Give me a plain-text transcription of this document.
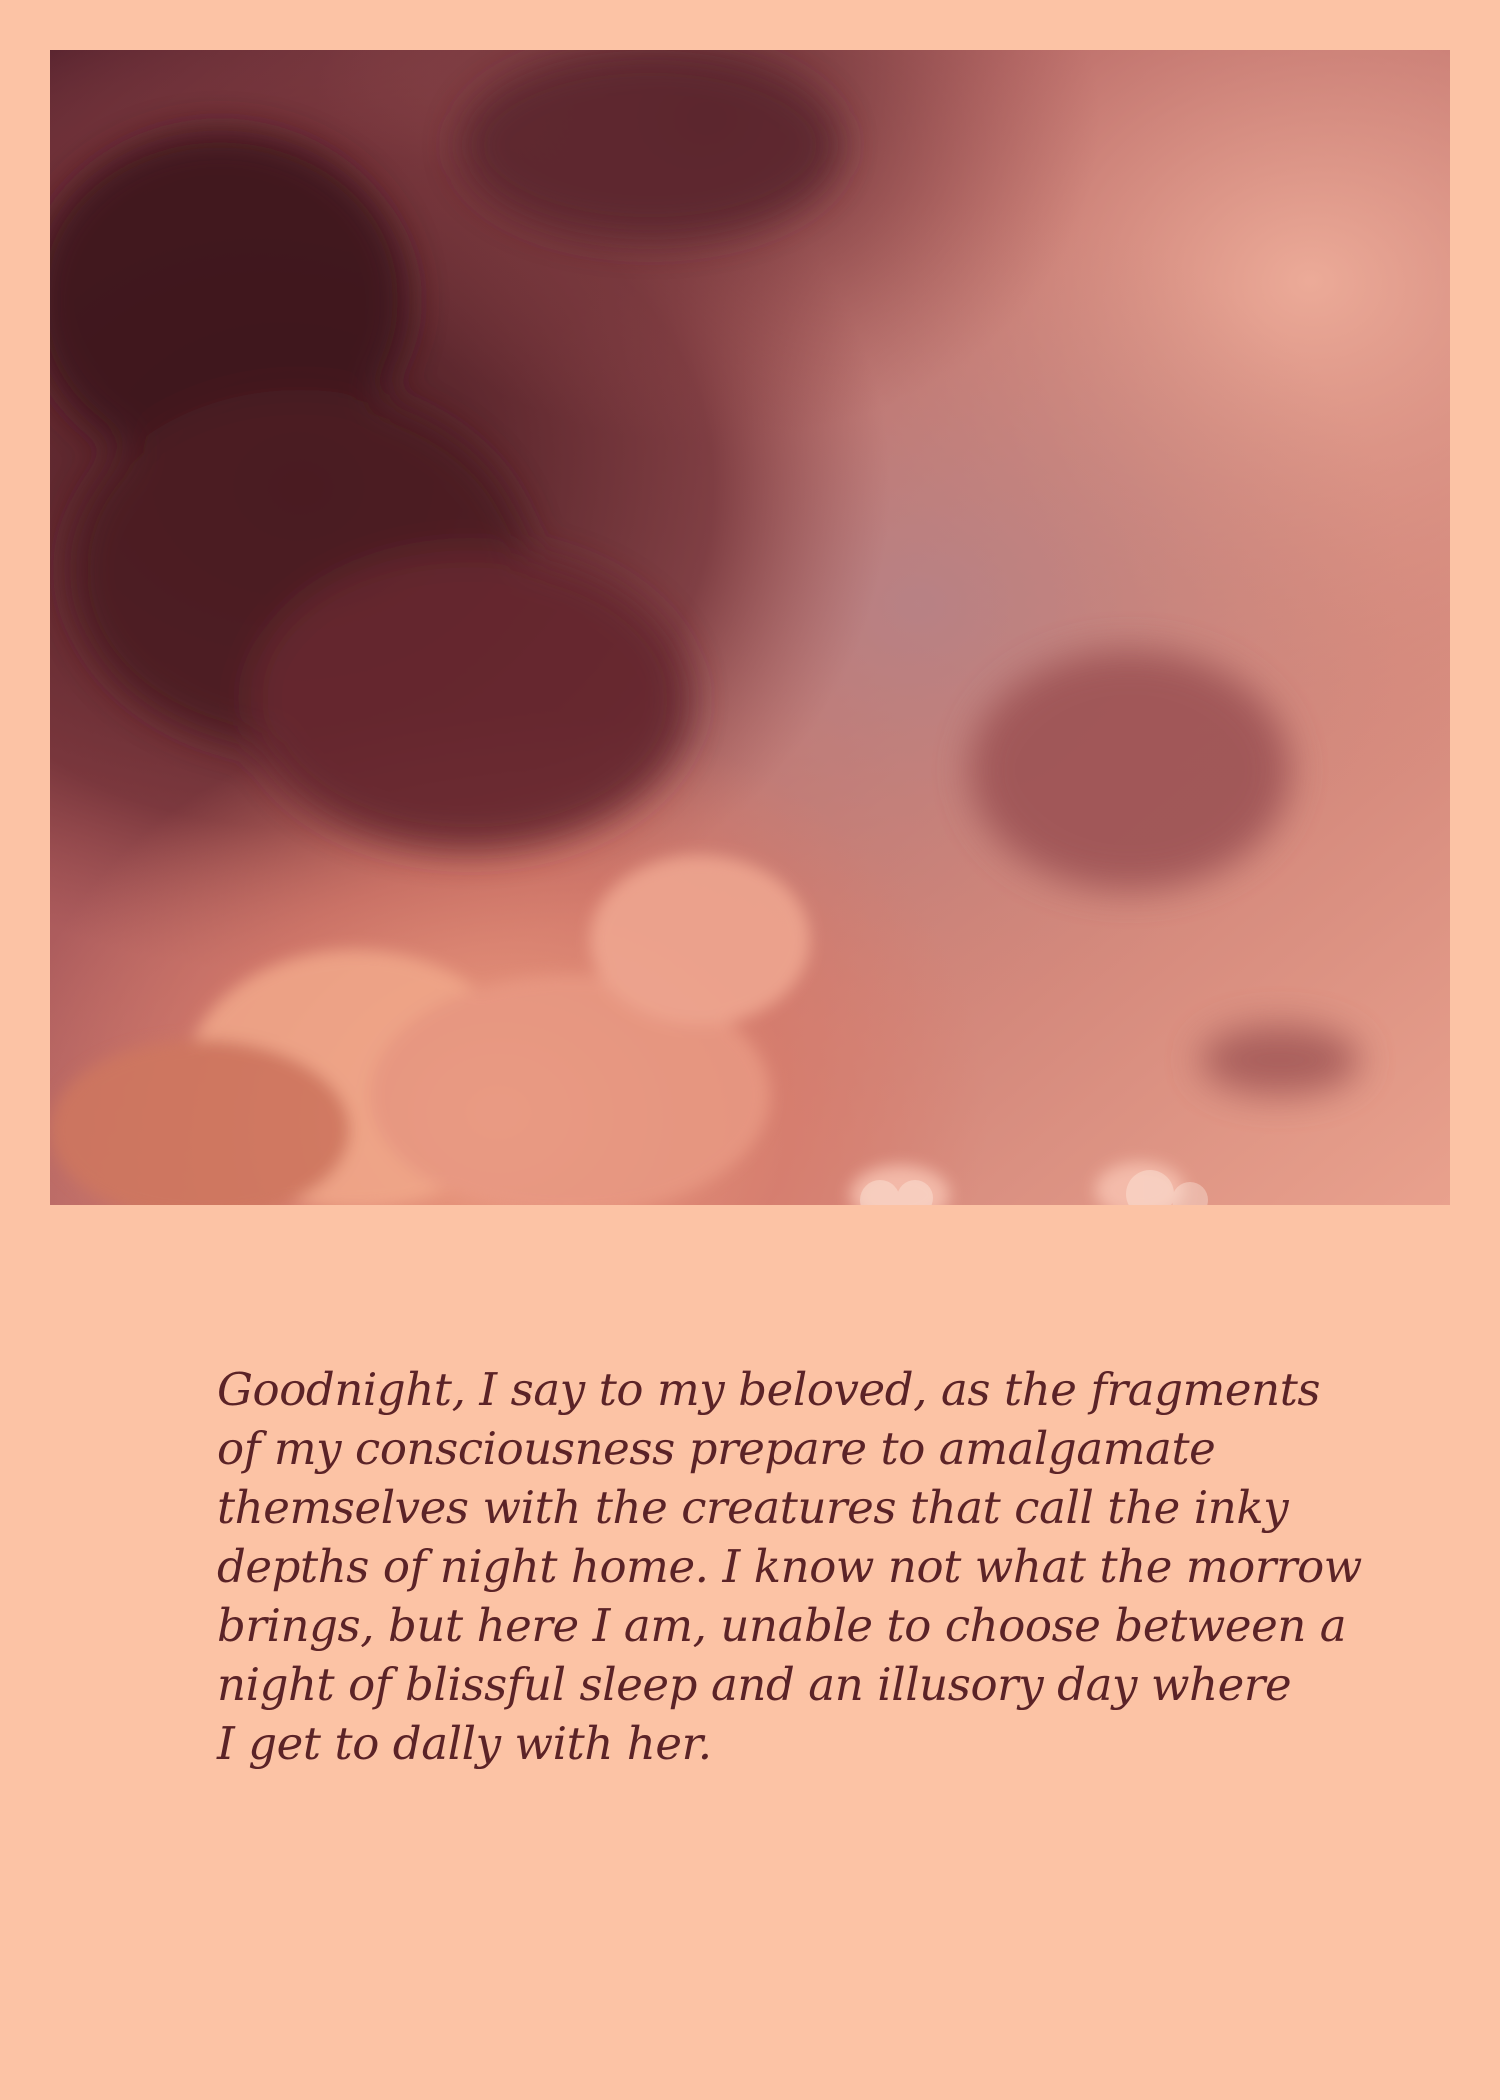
Goodnight, I say to my beloved, as the fragments
of my consciousness prepare to amalgamate
themselves with the creatures that call the inky
depths of night home. I know not what the morrow
brings, but here I am, unable to choose between a
night of blissful sleep and an illusory day where
I get to dally with her.
